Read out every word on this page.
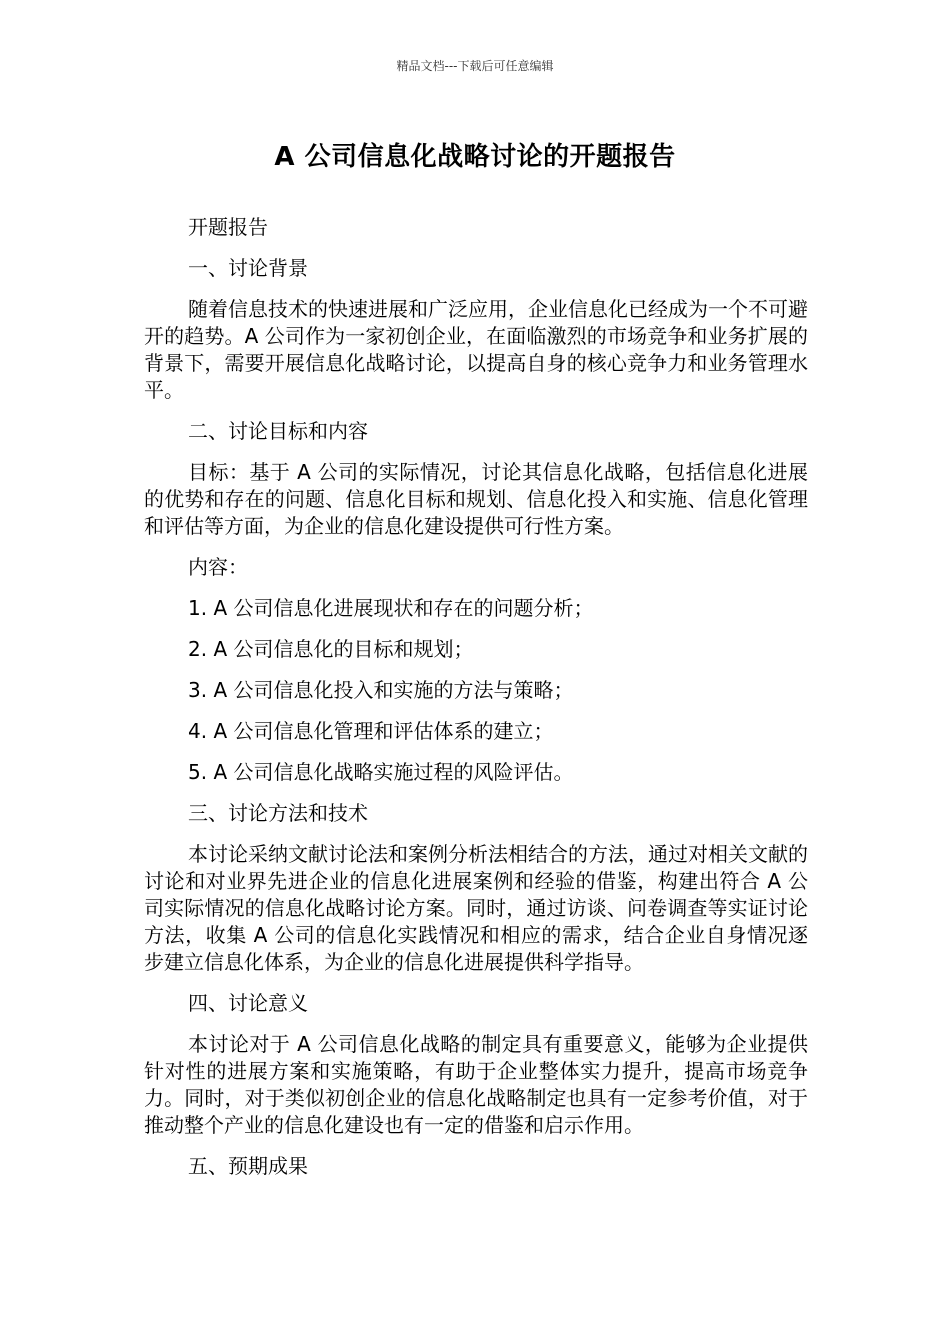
精品文档---下载后可任意编辑
A 公司信息化战略讨论的开题报告

开题报告

一、讨论背景

随着信息技术的快速进展和广泛应用，企业信息化已经成为一个不可避开的趋势。A 公司作为一家初创企业，在面临激烈的市场竞争和业务扩展的背景下，需要开展信息化战略讨论，以提高自身的核心竞争力和业务管理水平。

二、讨论目标和内容

目标：基于 A 公司的实际情况，讨论其信息化战略，包括信息化进展的优势和存在的问题、信息化目标和规划、信息化投入和实施、信息化管理和评估等方面，为企业的信息化建设提供可行性方案。

内容：

1. A 公司信息化进展现状和存在的问题分析；

2. A 公司信息化的目标和规划；

3. A 公司信息化投入和实施的方法与策略；

4. A 公司信息化管理和评估体系的建立；

5. A 公司信息化战略实施过程的风险评估。

三、讨论方法和技术

本讨论采纳文献讨论法和案例分析法相结合的方法，通过对相关文献的讨论和对业界先进企业的信息化进展案例和经验的借鉴，构建出符合 A 公司实际情况的信息化战略讨论方案。同时，通过访谈、问卷调查等实证讨论方法，收集 A 公司的信息化实践情况和相应的需求，结合企业自身情况逐步建立信息化体系，为企业的信息化进展提供科学指导。

四、讨论意义

本讨论对于 A 公司信息化战略的制定具有重要意义，能够为企业提供针对性的进展方案和实施策略，有助于企业整体实力提升，提高市场竞争力。同时，对于类似初创企业的信息化战略制定也具有一定参考价值，对于推动整个产业的信息化建设也有一定的借鉴和启示作用。

五、预期成果
